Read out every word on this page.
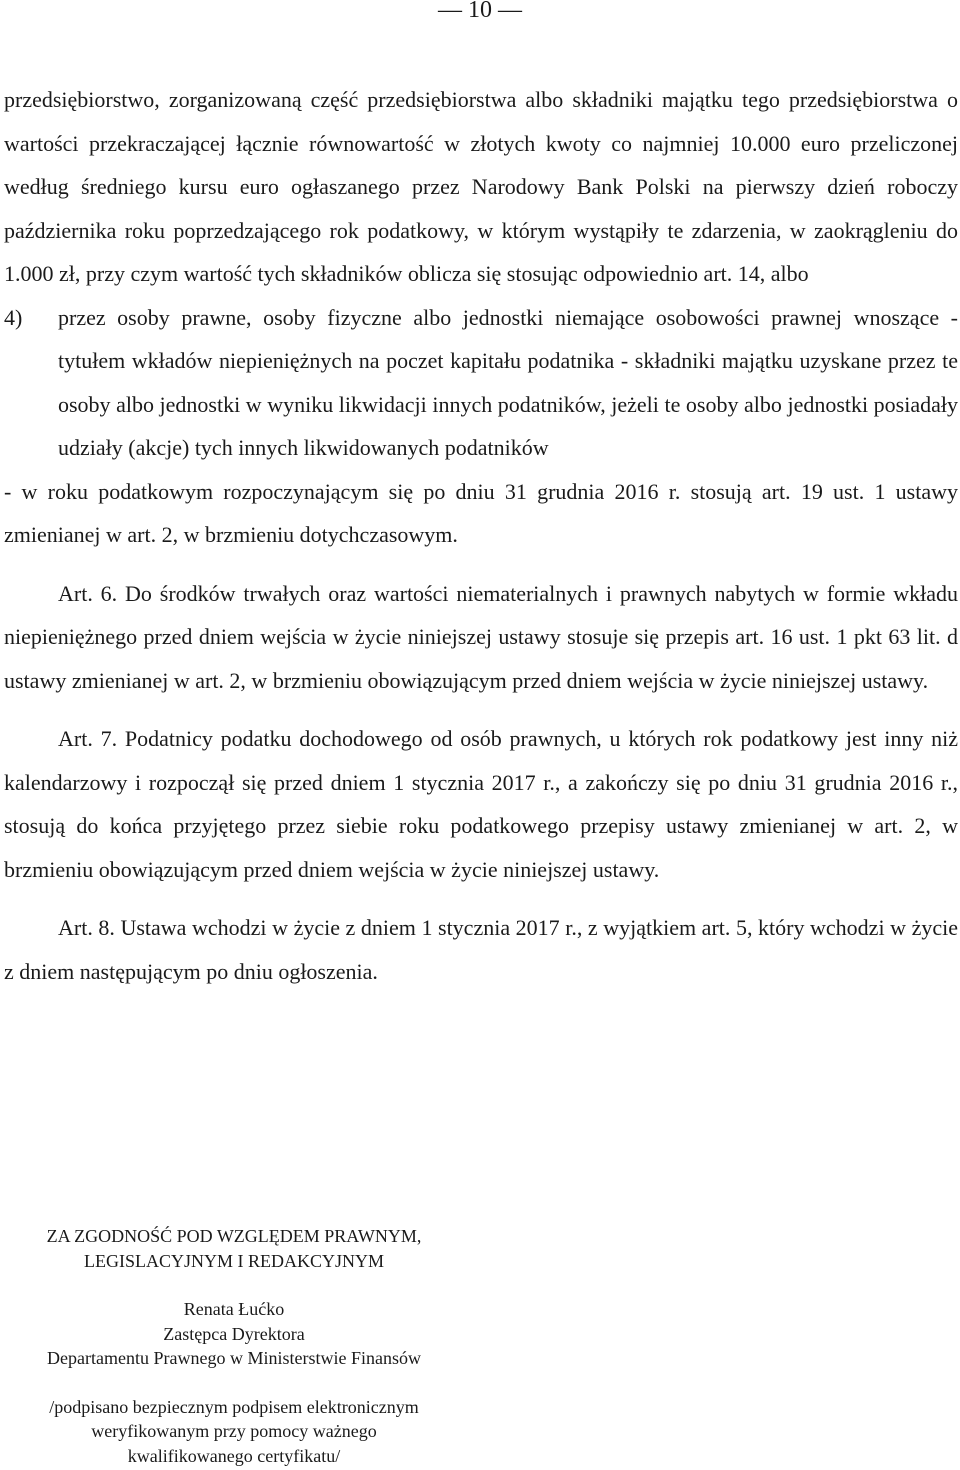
— 10 —

przedsiębiorstwo, zorganizowaną część przedsiębiorstwa albo składniki majątku tego przedsiębiorstwa o wartości przekraczającej łącznie równowartość w złotych kwoty co najmniej 10.000 euro przeliczonej według średniego kursu euro ogłaszanego przez Narodowy Bank Polski na pierwszy dzień roboczy października roku poprzedzającego rok podatkowy, w którym wystąpiły te zdarzenia, w zaokrągleniu do 1.000 zł, przy czym wartość tych składników oblicza się stosując odpowiednio art. 14, albo

4) przez osoby prawne, osoby fizyczne albo jednostki niemające osobowości prawnej wnoszące - tytułem wkładów niepieniężnych na poczet kapitału podatnika - składniki majątku uzyskane przez te osoby albo jednostki w wyniku likwidacji innych podatników, jeżeli te osoby albo jednostki posiadały udziały (akcje) tych innych likwidowanych podatników

- w roku podatkowym rozpoczynającym się po dniu 31 grudnia 2016 r. stosują art. 19 ust. 1 ustawy zmienianej w art. 2, w brzmieniu dotychczasowym.

Art. 6. Do środków trwałych oraz wartości niematerialnych i prawnych nabytych w formie wkładu niepieniężnego przed dniem wejścia w życie niniejszej ustawy stosuje się przepis art. 16 ust. 1 pkt 63 lit. d ustawy zmienianej w art. 2, w brzmieniu obowiązującym przed dniem wejścia w życie niniejszej ustawy.

Art. 7. Podatnicy podatku dochodowego od osób prawnych, u których rok podatkowy jest inny niż kalendarzowy i rozpoczął się przed dniem 1 stycznia 2017 r., a zakończy się po dniu 31 grudnia 2016 r., stosują do końca przyjętego przez siebie roku podatkowego przepisy ustawy zmienianej w art. 2, w brzmieniu obowiązującym przed dniem wejścia w życie niniejszej ustawy.

Art. 8. Ustawa wchodzi w życie z dniem 1 stycznia 2017 r., z wyjątkiem art. 5, który wchodzi w życie z dniem następującym po dniu ogłoszenia.

ZA ZGODNOŚĆ POD WZGLĘDEM PRAWNYM,
LEGISLACYJNYM I REDAKCYJNYM
Renata Łućko
Zastępca Dyrektora
Departamentu Prawnego w Ministerstwie Finansów
/podpisano bezpiecznym podpisem elektronicznym
weryfikowanym przy pomocy ważnego
kwalifikowanego certyfikatu/
